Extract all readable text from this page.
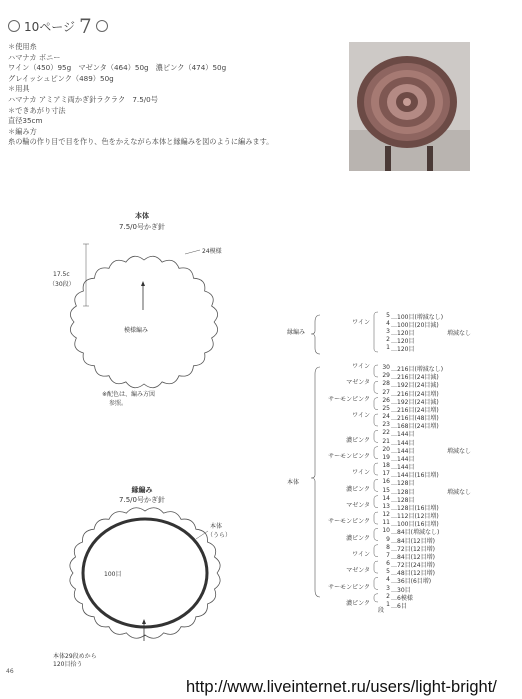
10ページ 7
＊使用糸
ハマナカ ボニー
ワイン（450）95g　マゼンタ（464）50g　濃ピンク（474）50g
グレイッシュピンク（489）50g
＊用具
ハマナカ アミアミ両かぎ針ラクラク　7.5/0号
＊できあがり寸法
直径35cm
＊編み方
糸の輪の作り目で目を作り、色をかえながら本体と縁編みを図のように編みます。
本体
7.5/0号かぎ針
24模様
17.5c
（30段）
模様編み
※配色は、編み方図
参照。
縁編み
7.5/0号かぎ針
本体
（うら）
100目
本体29段めから
120目拾う
縁編み
本体
5 …100目(増減なし)
4 …100目(20目減)
ワイン
3 …120目	増減なし
2 …120目
1 …120目
30 …216目(増減なし)
ワイン
29 …216目(24目減)
28 …192目(24目減)
マゼンタ
27 …216目(24目増)
26 …192目(24目減)
サーモンピンク
25 …216目(24目増)
24 …216目(48目増)
ワイン
23 …168目(24目増)
22 …144目
21 …144目
濃ピンク
20 …144目	増減なし
19 …144目
サーモンピンク
18 …144目
17 …144目(16目増)
ワイン
16 …128目
15 …128目
濃ピンク	増減なし
14 …128目
13 …128目(16目増)
マゼンタ
12 …112目(12目増)
11 …100目(16目増)
サーモンピンク
10 …84目(増減なし)
9 …84目(12目増)
濃ピンク
8 …72目(12目増)
7 …84目(12目増)
ワイン
6 …72目(24目増)
5 …48目(12目増)
マゼンタ
4 …36目(6目増)
3 …30目
サーモンピンク
2 …6模様
1 …6目
濃ピンク
段
46
http://www.liveinternet.ru/users/light-bright/
